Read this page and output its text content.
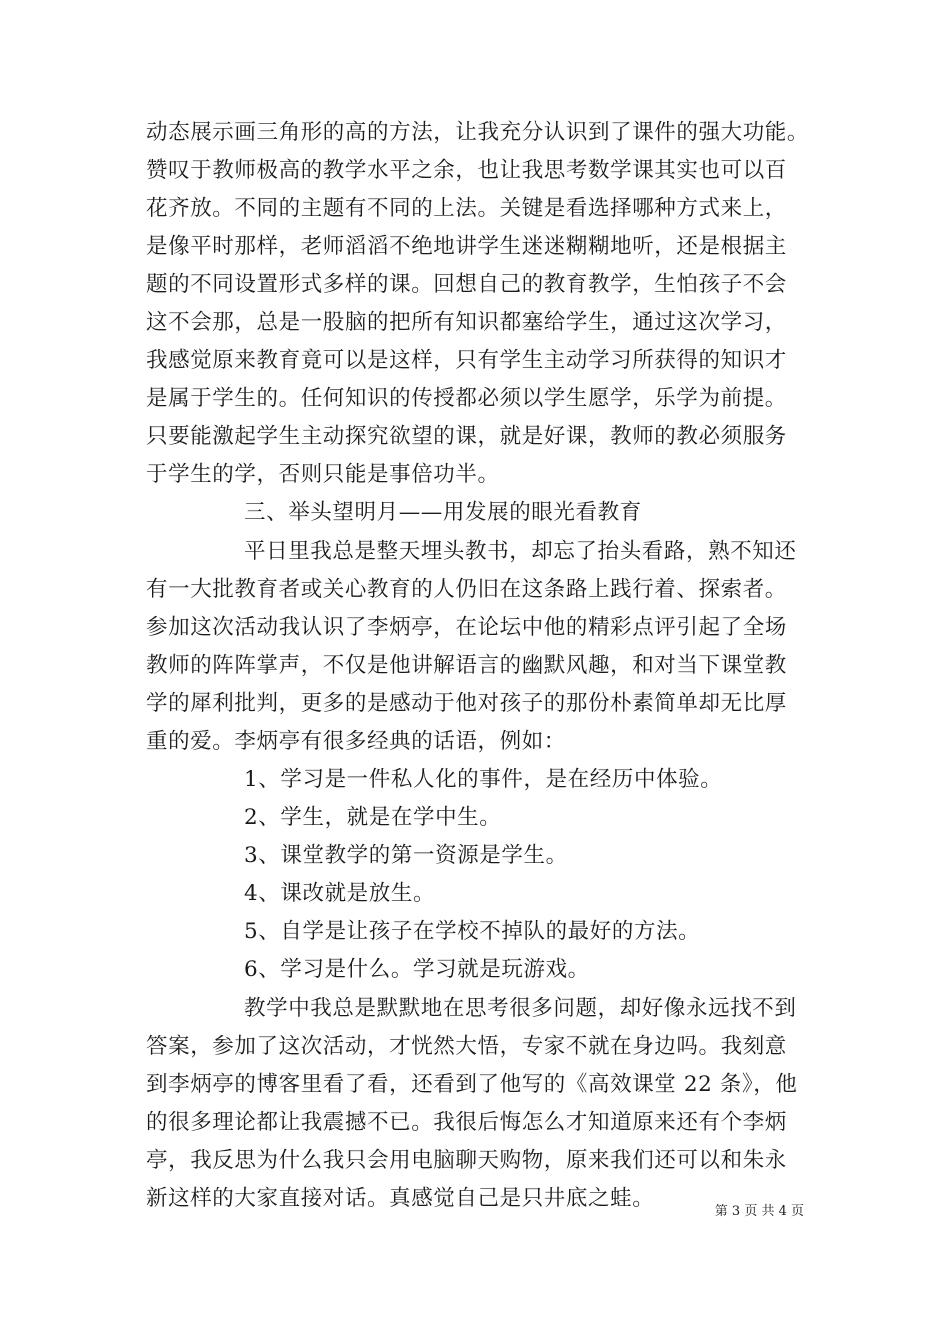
动态展示画三角形的高的方法，让我充分认识到了课件的强大功能。
赞叹于教师极高的教学水平之余，也让我思考数学课其实也可以百
花齐放。不同的主题有不同的上法。关键是看选择哪种方式来上，
是像平时那样，老师滔滔不绝地讲学生迷迷糊糊地听，还是根据主
题的不同设置形式多样的课。回想自己的教育教学，生怕孩子不会
这不会那，总是一股脑的把所有知识都塞给学生，通过这次学习，
我感觉原来教育竟可以是这样，只有学生主动学习所获得的知识才
是属于学生的。任何知识的传授都必须以学生愿学，乐学为前提。
只要能激起学生主动探究欲望的课，就是好课，教师的教必须服务
于学生的学，否则只能是事倍功半。
三、举头望明月——用发展的眼光看教育
平日里我总是整天埋头教书，却忘了抬头看路，熟不知还
有一大批教育者或关心教育的人仍旧在这条路上践行着、探索者。
参加这次活动我认识了李炳亭，在论坛中他的精彩点评引起了全场
教师的阵阵掌声，不仅是他讲解语言的幽默风趣，和对当下课堂教
学的犀利批判，更多的是感动于他对孩子的那份朴素简单却无比厚
重的爱。李炳亭有很多经典的话语，例如：
1、学习是一件私人化的事件，是在经历中体验。
2、学生，就是在学中生。
3、课堂教学的第一资源是学生。
4、课改就是放生。
5、自学是让孩子在学校不掉队的最好的方法。
6、学习是什么。学习就是玩游戏。
教学中我总是默默地在思考很多问题，却好像永远找不到
答案，参加了这次活动，才恍然大悟，专家不就在身边吗。我刻意
到李炳亭的博客里看了看，还看到了他写的《高效课堂 22 条》，他
的很多理论都让我震撼不已。我很后悔怎么才知道原来还有个李炳
亭，我反思为什么我只会用电脑聊天购物，原来我们还可以和朱永
新这样的大家直接对话。真感觉自己是只井底之蛙。
第 3 页 共 4 页
